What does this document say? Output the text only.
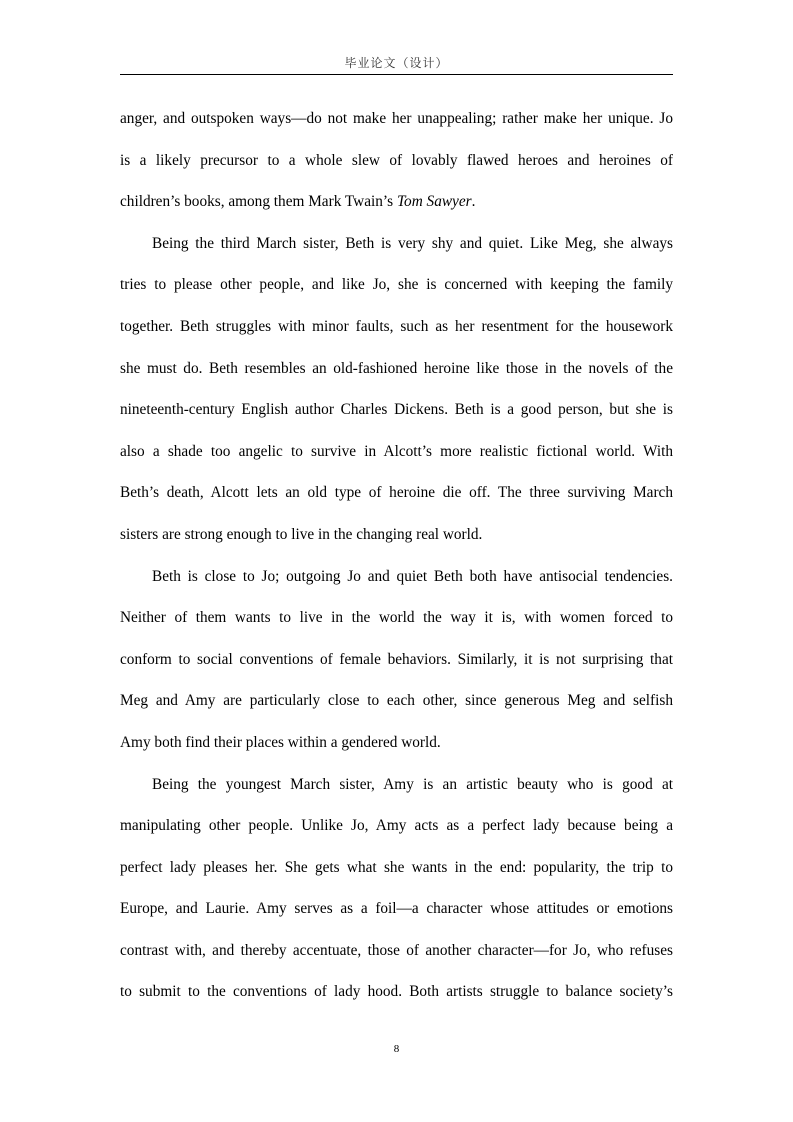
毕业论文（设计）
anger, and outspoken ways—do not make her unappealing; rather make her unique. Jo
is a likely precursor to a whole slew of lovably flawed heroes and heroines of
children’s books, among them Mark Twain’s Tom Sawyer.
Being the third March sister, Beth is very shy and quiet. Like Meg, she always
tries to please other people, and like Jo, she is concerned with keeping the family
together. Beth struggles with minor faults, such as her resentment for the housework
she must do. Beth resembles an old-fashioned heroine like those in the novels of the
nineteenth-century English author Charles Dickens. Beth is a good person, but she is
also a shade too angelic to survive in Alcott’s more realistic fictional world. With
Beth’s death, Alcott lets an old type of heroine die off. The three surviving March
sisters are strong enough to live in the changing real world.
Beth is close to Jo; outgoing Jo and quiet Beth both have antisocial tendencies.
Neither of them wants to live in the world the way it is, with women forced to
conform to social conventions of female behaviors. Similarly, it is not surprising that
Meg and Amy are particularly close to each other, since generous Meg and selfish
Amy both find their places within a gendered world.
Being the youngest March sister, Amy is an artistic beauty who is good at
manipulating other people. Unlike Jo, Amy acts as a perfect lady because being a
perfect lady pleases her. She gets what she wants in the end: popularity, the trip to
Europe, and Laurie. Amy serves as a foil—a character whose attitudes or emotions
contrast with, and thereby accentuate, those of another character—for Jo, who refuses
to submit to the conventions of lady hood. Both artists struggle to balance society’s
8
